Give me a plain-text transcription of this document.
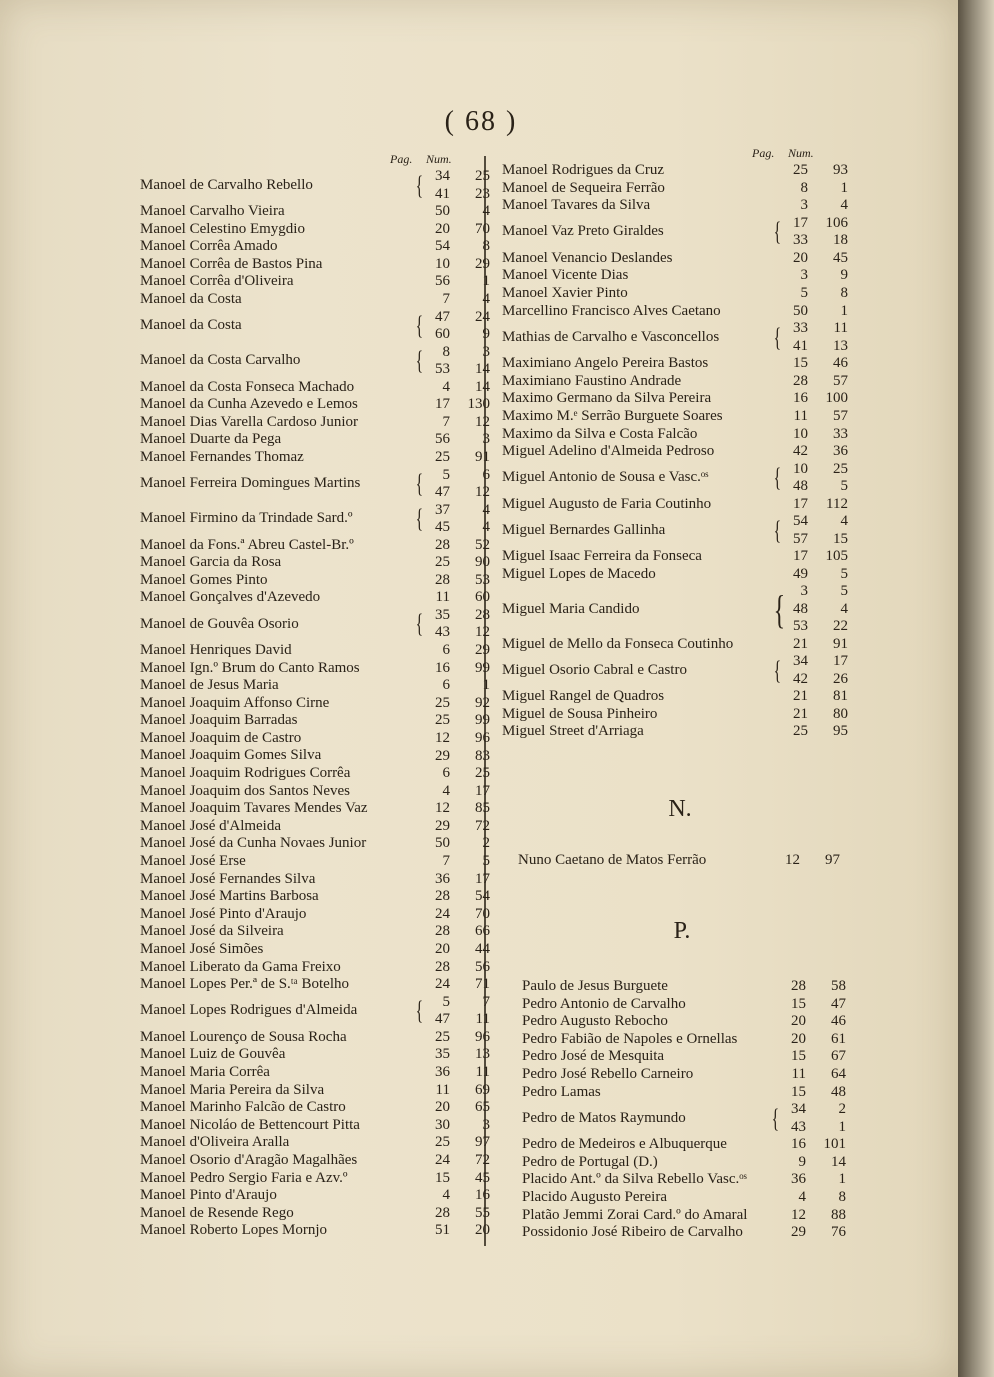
( 68 )
Pag. Num.
Manoel de Carvalho Rebello	{ 34	25
41	23
Manoel Carvalho Vieira	50	4
Manoel Celestino Emygdio	20	70
Manoel Corrêa Amado	54	8
Manoel Corrêa de Bastos Pina	10	29
Manoel Corrêa d'Oliveira	56	1
Manoel da Costa	7	4
Manoel da Costa	{ 47	24
60	9
Manoel da Costa Carvalho	{	8	3
53	14
Manoel da Costa Fonseca Machado	4	14
Manoel da Cunha Azevedo e Lemos	17	130
Manoel Dias Varella Cardoso Junior	7	12
Manoel Duarte da Pega	56	3
Manoel Fernandes Thomaz	25	91
Manoel Ferreira Domingues Martins	{	5	6
47	12
Manoel Firmino da Trindade Sard.º	{ 37	4
45	4
Manoel da Fons.ª Abreu Castel-Br.º	28	52
Manoel Garcia da Rosa	25	90
Manoel Gomes Pinto	28	53
Manoel Gonçalves d'Azevedo	11	60
Manoel de Gouvêa Osorio	{ 35	28
43	12
Manoel Henriques David	6	29
Manoel Ign.º Brum do Canto Ramos	16	99
Manoel de Jesus Maria	6	1
Manoel Joaquim Affonso Cirne	25	92
Manoel Joaquim Barradas	25	99
Manoel Joaquim de Castro	12	96
Manoel Joaquim Gomes Silva	29	83
Manoel Joaquim Rodrigues Corrêa	6	25
Manoel Joaquim dos Santos Neves	4	17
Manoel Joaquim Tavares Mendes Vaz	12	85
Manoel José d'Almeida	29	72
Manoel José da Cunha Novaes Junior	50	2
Manoel José Erse	7	5
Manoel José Fernandes Silva	36	17
Manoel José Martins Barbosa	28	54
Manoel José Pinto d'Araujo	24	70
Manoel José da Silveira	28	66
Manoel José Simões	20	44
Manoel Liberato da Gama Freixo	28	56
Manoel Lopes Per.ª de S.ᵗᵃ Botelho	24	71
Manoel Lopes Rodrigues d'Almeida	{	5	7
47	11
Manoel Lourenço de Sousa Rocha	25	96
Manoel Luiz de Gouvêa	35	13
Manoel Maria Corrêa	36	11
Manoel Maria Pereira da Silva	11	69
Manoel Marinho Falcão de Castro	20	65
Manoel Nicoláo de Bettencourt Pitta	30	3
Manoel d'Oliveira Aralla	25	97
Manoel Osorio d'Aragão Magalhães	24	72
Manoel Pedro Sergio Faria e Azv.º	15	45
Manoel Pinto d'Araujo	4	16
Manoel de Resende Rego	28	55
Manoel Roberto Lopes Mornjo	51	20
Pag. Num.
Manoel Rodrigues da Cruz	25	93
Manoel de Sequeira Ferrão	8	1
Manoel Tavares da Silva	3	4
Manoel Vaz Preto Giraldes	{ 17	106
33	18
Manoel Venancio Deslandes	20	45
Manoel Vicente Dias	3	9
Manoel Xavier Pinto	5	8
Marcellino Francisco Alves Caetano	50	1
Mathias de Carvalho e Vasconcellos	{ 33	11
41	13
Maximiano Angelo Pereira Bastos	15	46
Maximiano Faustino Andrade	28	57
Maximo Germano da Silva Pereira	16	100
Maximo M.ᵉ Serrão Burguete Soares	11	57
Maximo da Silva e Costa Falcão	10	33
Miguel Adelino d'Almeida Pedroso	42	36
Miguel Antonio de Sousa e Vasc.ᵒˢ	{ 10	25
48	5
Miguel Augusto de Faria Coutinho	17	112
Miguel Bernardes Gallinha	{ 54	4
57	15
Miguel Isaac Ferreira da Fonseca	17	105
Miguel Lopes de Macedo	49	5
Miguel Maria Candido	{	3	5
48	4
53	22
Miguel de Mello da Fonseca Coutinho	21	91
Miguel Osorio Cabral e Castro	{ 34	17
42	26
Miguel Rangel de Quadros	21	81
Miguel de Sousa Pinheiro	21	80
Miguel Street d'Arriaga	25	95
N.
Nuno Caetano de Matos Ferrão	12	97
P.
Paulo de Jesus Burguete	28	58
Pedro Antonio de Carvalho	15	47
Pedro Augusto Rebocho	20	46
Pedro Fabião de Napoles e Ornellas	20	61
Pedro José de Mesquita	15	67
Pedro José Rebello Carneiro	11	64
Pedro Lamas	15	48
Pedro de Matos Raymundo	{ 34	2
43	1
Pedro de Medeiros e Albuquerque	16	101
Pedro de Portugal (D.)	9	14
Placido Ant.º da Silva Rebello Vasc.ᵒˢ	36	1
Placido Augusto Pereira	4	8
Platão Jemmi Zorai Card.º do Amaral	12	88
Possidonio José Ribeiro de Carvalho	29	76
